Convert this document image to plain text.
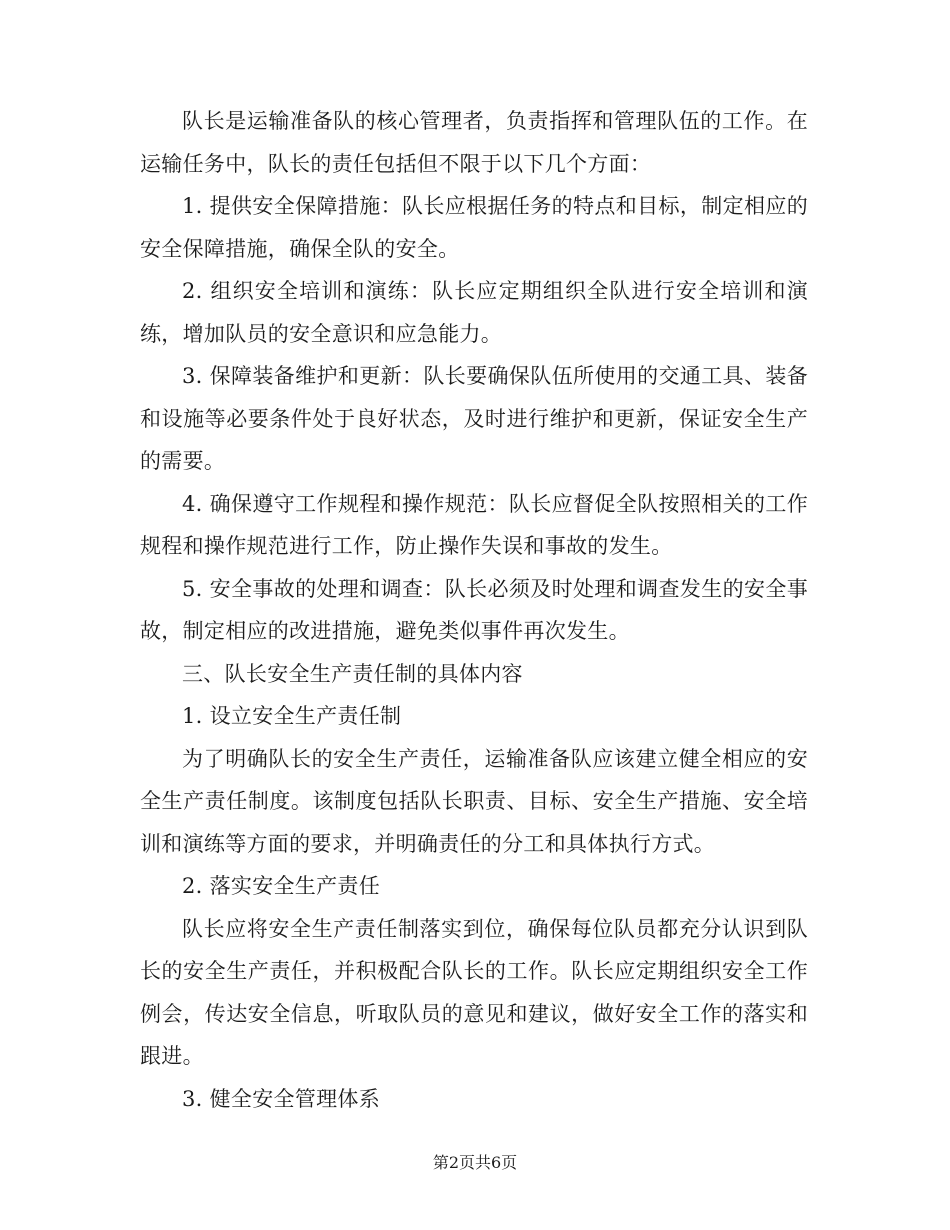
队长是运输准备队的核心管理者，负责指挥和管理队伍的工作。在运输任务中，队长的责任包括但不限于以下几个方面：

1. 提供安全保障措施：队长应根据任务的特点和目标，制定相应的安全保障措施，确保全队的安全。

2. 组织安全培训和演练：队长应定期组织全队进行安全培训和演练，增加队员的安全意识和应急能力。

3. 保障装备维护和更新：队长要确保队伍所使用的交通工具、装备和设施等必要条件处于良好状态，及时进行维护和更新，保证安全生产的需要。

4. 确保遵守工作规程和操作规范：队长应督促全队按照相关的工作规程和操作规范进行工作，防止操作失误和事故的发生。

5. 安全事故的处理和调查：队长必须及时处理和调查发生的安全事故，制定相应的改进措施，避免类似事件再次发生。

三、队长安全生产责任制的具体内容

1. 设立安全生产责任制

为了明确队长的安全生产责任，运输准备队应该建立健全相应的安全生产责任制度。该制度包括队长职责、目标、安全生产措施、安全培训和演练等方面的要求，并明确责任的分工和具体执行方式。

2. 落实安全生产责任

队长应将安全生产责任制落实到位，确保每位队员都充分认识到队长的安全生产责任，并积极配合队长的工作。队长应定期组织安全工作例会，传达安全信息，听取队员的意见和建议，做好安全工作的落实和跟进。

3. 健全安全管理体系

第2页共6页
